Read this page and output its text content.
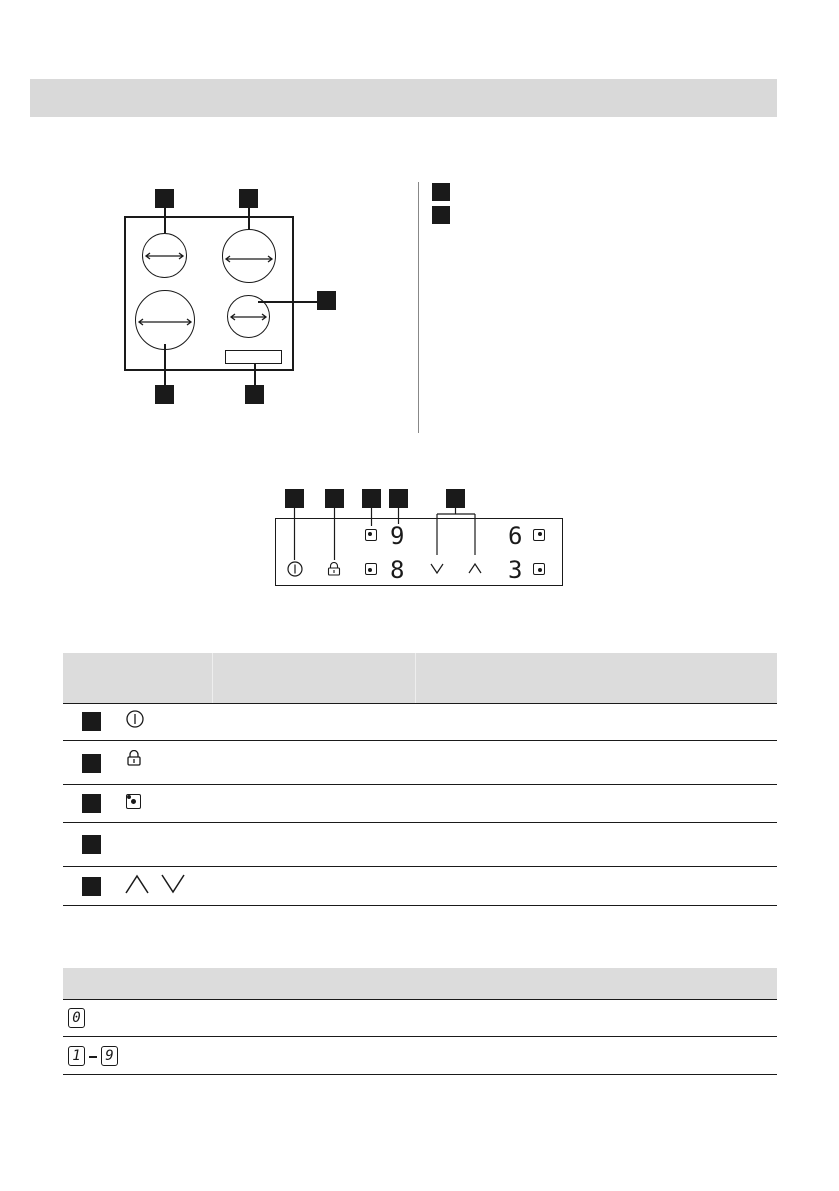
9
8
6
3
0
1	9
